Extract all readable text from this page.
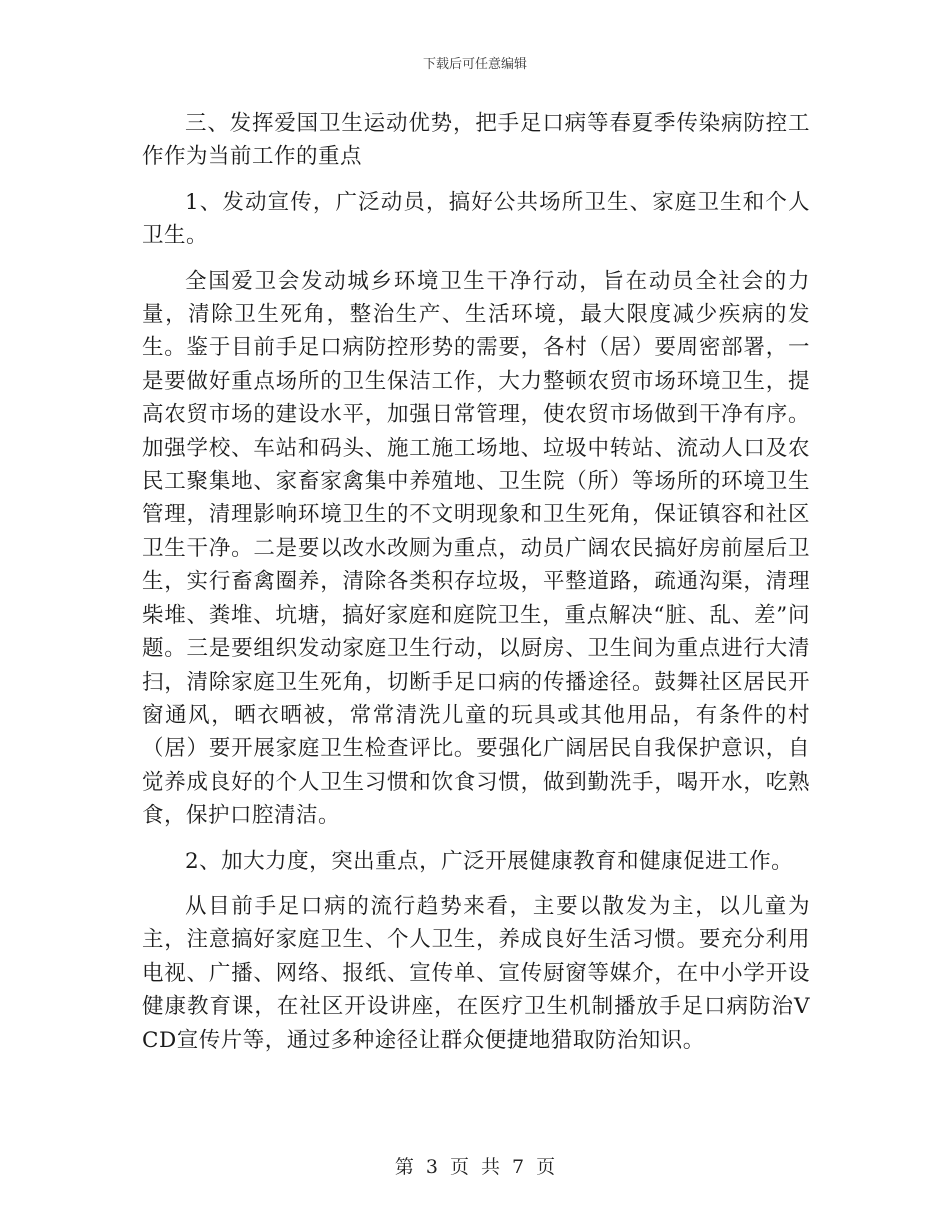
下载后可任意编辑

三、发挥爱国卫生运动优势，把手足口病等春夏季传染病防控工作作为当前工作的重点

1、发动宣传，广泛动员，搞好公共场所卫生、家庭卫生和个人卫生。

全国爱卫会发动城乡环境卫生干净行动，旨在动员全社会的力量，清除卫生死角，整治生产、生活环境，最大限度减少疾病的发生。鉴于目前手足口病防控形势的需要，各村（居）要周密部署，一是要做好重点场所的卫生保洁工作，大力整顿农贸市场环境卫生，提高农贸市场的建设水平，加强日常管理，使农贸市场做到干净有序。加强学校、车站和码头、施工施工场地、垃圾中转站、流动人口及农民工聚集地、家畜家禽集中养殖地、卫生院（所）等场所的环境卫生管理，清理影响环境卫生的不文明现象和卫生死角，保证镇容和社区卫生干净。二是要以改水改厕为重点，动员广阔农民搞好房前屋后卫生，实行畜禽圈养，清除各类积存垃圾，平整道路，疏通沟渠，清理柴堆、粪堆、坑塘，搞好家庭和庭院卫生，重点解决“脏、乱、差”问题。三是要组织发动家庭卫生行动，以厨房、卫生间为重点进行大清扫，清除家庭卫生死角，切断手足口病的传播途径。鼓舞社区居民开窗通风，晒衣晒被，常常清洗儿童的玩具或其他用品，有条件的村（居）要开展家庭卫生检查评比。要强化广阔居民自我保护意识，自觉养成良好的个人卫生习惯和饮食习惯，做到勤洗手，喝开水，吃熟食，保护口腔清洁。

2、加大力度，突出重点，广泛开展健康教育和健康促进工作。

从目前手足口病的流行趋势来看，主要以散发为主，以儿童为主，注意搞好家庭卫生、个人卫生，养成良好生活习惯。要充分利用电视、广播、网络、报纸、宣传单、宣传厨窗等媒介，在中小学开设健康教育课，在社区开设讲座，在医疗卫生机制播放手足口病防治VCD宣传片等，通过多种途径让群众便捷地猎取防治知识。

第 3 页 共 7 页
